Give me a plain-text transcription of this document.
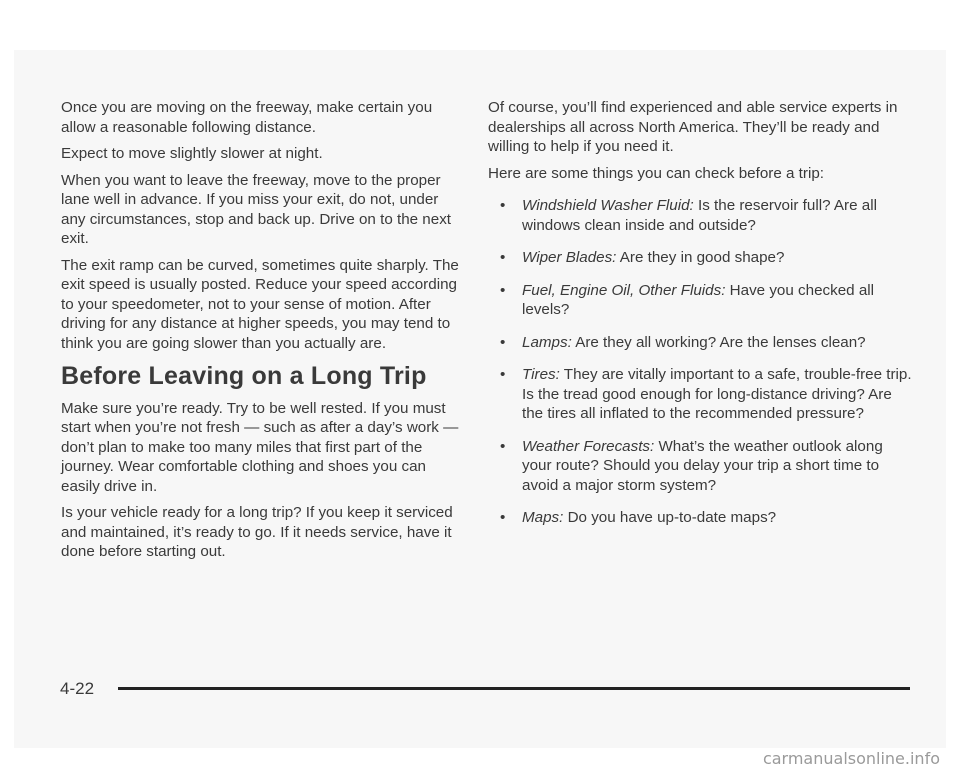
Once you are moving on the freeway, make certain you allow a reasonable following distance.

Expect to move slightly slower at night.

When you want to leave the freeway, move to the proper lane well in advance. If you miss your exit, do not, under any circumstances, stop and back up. Drive on to the next exit.

The exit ramp can be curved, sometimes quite sharply. The exit speed is usually posted. Reduce your speed according to your speedometer, not to your sense of motion. After driving for any distance at higher speeds, you may tend to think you are going slower than you actually are.

Before Leaving on a Long Trip

Make sure you’re ready. Try to be well rested. If you must start when you’re not fresh — such as after a day’s work — don’t plan to make too many miles that first part of the journey. Wear comfortable clothing and shoes you can easily drive in.

Is your vehicle ready for a long trip? If you keep it serviced and maintained, it’s ready to go. If it needs service, have it done before starting out.

Of course, you’ll find experienced and able service experts in dealerships all across North America. They’ll be ready and willing to help if you need it.

Here are some things you can check before a trip:

• Windshield Washer Fluid: Is the reservoir full? Are all windows clean inside and outside?
• Wiper Blades: Are they in good shape?
• Fuel, Engine Oil, Other Fluids: Have you checked all levels?
• Lamps: Are they all working? Are the lenses clean?
• Tires: They are vitally important to a safe, trouble-free trip. Is the tread good enough for long-distance driving? Are the tires all inflated to the recommended pressure?
• Weather Forecasts: What’s the weather outlook along your route? Should you delay your trip a short time to avoid a major storm system?
• Maps: Do you have up-to-date maps?
4-22
carmanualsonline.info
